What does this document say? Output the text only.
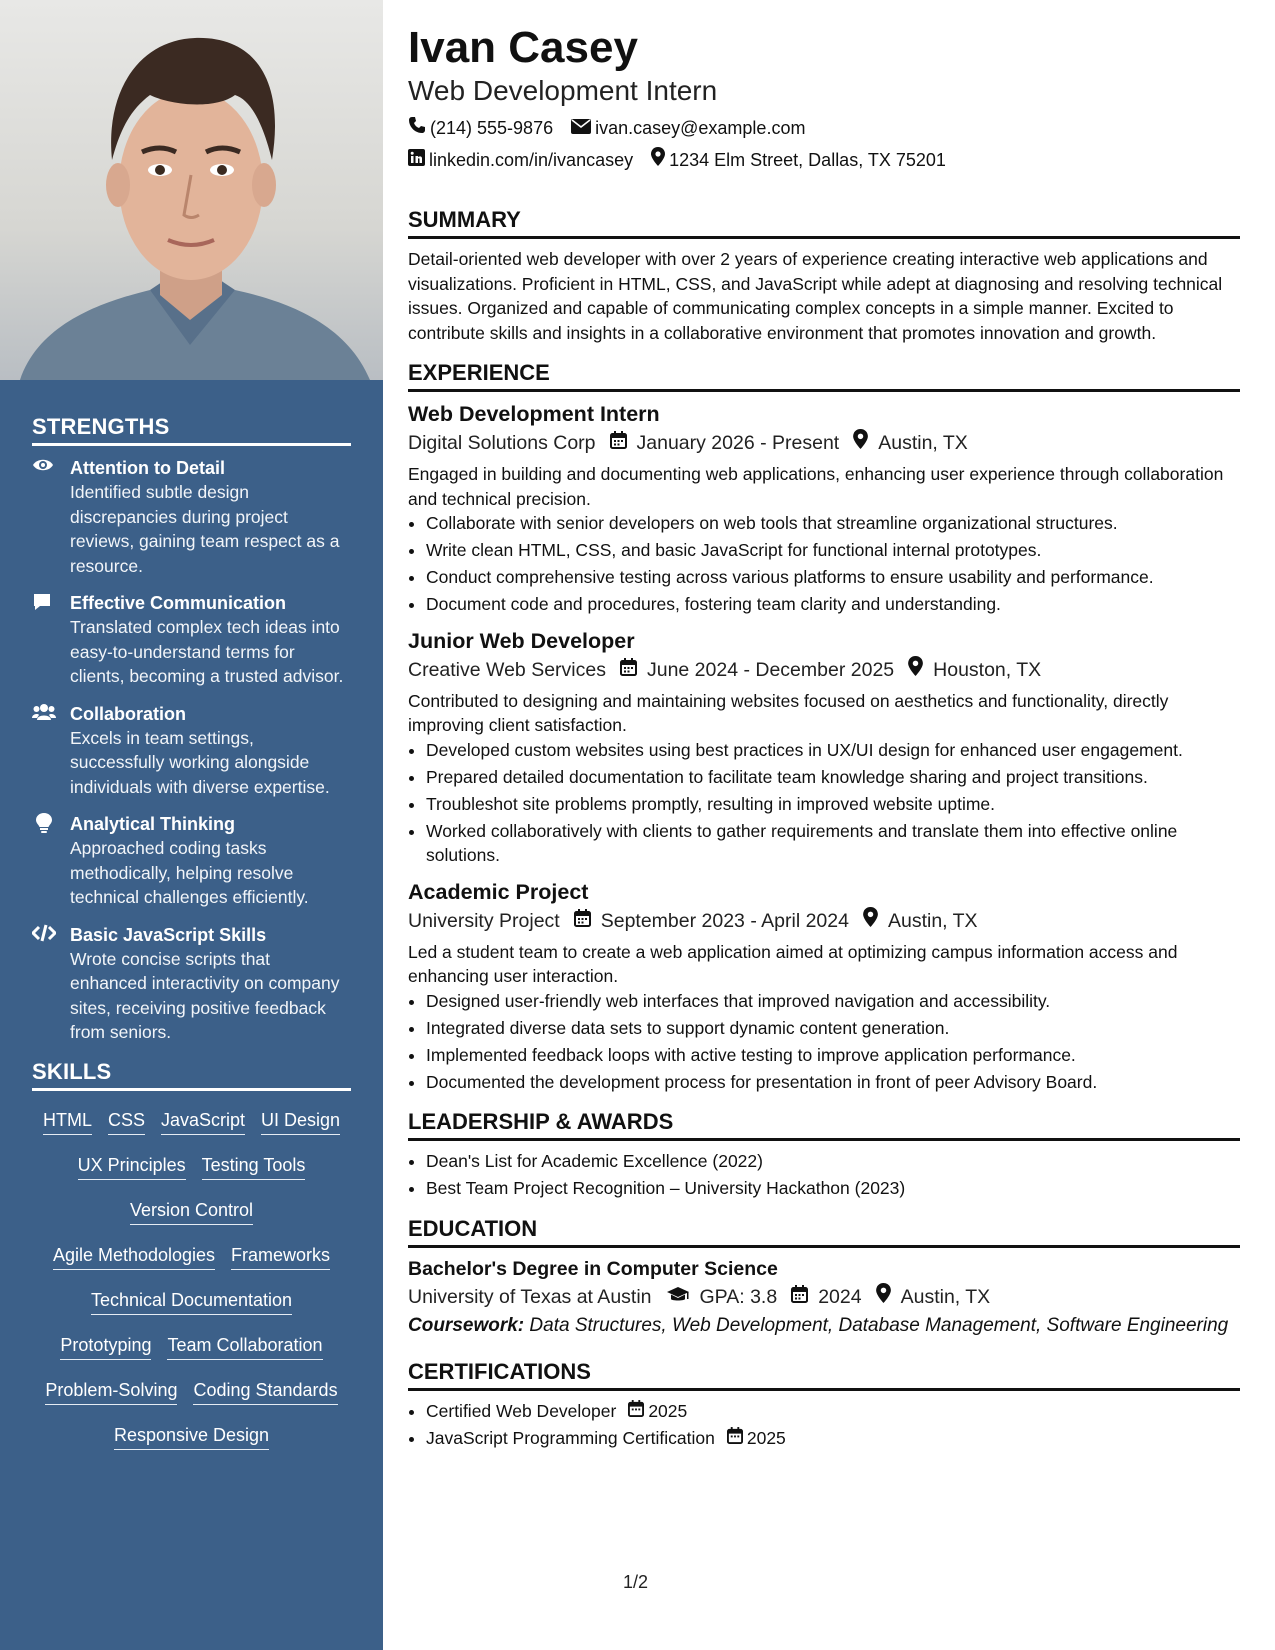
STRENGTHS
Attention to Detail
Identified subtle design discrepancies during project reviews, gaining team respect as a resource.
Effective Communication
Translated complex tech ideas into easy-to-understand terms for clients, becoming a trusted advisor.
Collaboration
Excels in team settings, successfully working alongside individuals with diverse expertise.
Analytical Thinking
Approached coding tasks methodically, helping resolve technical challenges efficiently.
Basic JavaScript Skills
Wrote concise scripts that enhanced interactivity on company sites, receiving positive feedback from seniors.
SKILLS
HTML CSS JavaScript UI Design
UX Principles Testing Tools
Version Control
Agile Methodologies Frameworks
Technical Documentation
Prototyping Team Collaboration
Problem-Solving Coding Standards
Responsive Design
Ivan Casey
Web Development Intern
(214) 555-9876 ivan.casey@example.com
linkedin.com/in/ivancasey 1234 Elm Street, Dallas, TX 75201
SUMMARY
Detail-oriented web developer with over 2 years of experience creating interactive web applications and visualizations. Proficient in HTML, CSS, and JavaScript while adept at diagnosing and resolving technical issues. Organized and capable of communicating complex concepts in a simple manner. Excited to contribute skills and insights in a collaborative environment that promotes innovation and growth.
EXPERIENCE
Web Development Intern
Digital Solutions Corp January 2026 - Present Austin, TX
Engaged in building and documenting web applications, enhancing user experience through collaboration and technical precision.
• Collaborate with senior developers on web tools that streamline organizational structures.
• Write clean HTML, CSS, and basic JavaScript for functional internal prototypes.
• Conduct comprehensive testing across various platforms to ensure usability and performance.
• Document code and procedures, fostering team clarity and understanding.
Junior Web Developer
Creative Web Services June 2024 - December 2025 Houston, TX
Contributed to designing and maintaining websites focused on aesthetics and functionality, directly improving client satisfaction.
• Developed custom websites using best practices in UX/UI design for enhanced user engagement.
• Prepared detailed documentation to facilitate team knowledge sharing and project transitions.
• Troubleshot site problems promptly, resulting in improved website uptime.
• Worked collaboratively with clients to gather requirements and translate them into effective online solutions.
Academic Project
University Project September 2023 - April 2024 Austin, TX
Led a student team to create a web application aimed at optimizing campus information access and enhancing user interaction.
• Designed user-friendly web interfaces that improved navigation and accessibility.
• Integrated diverse data sets to support dynamic content generation.
• Implemented feedback loops with active testing to improve application performance.
• Documented the development process for presentation in front of peer Advisory Board.
LEADERSHIP & AWARDS
• Dean's List for Academic Excellence (2022)
• Best Team Project Recognition – University Hackathon (2023)
EDUCATION
Bachelor's Degree in Computer Science
University of Texas at Austin GPA: 3.8 2024 Austin, TX
Coursework: Data Structures, Web Development, Database Management, Software Engineering
CERTIFICATIONS
• Certified Web Developer 2025
• JavaScript Programming Certification 2025
1/2
